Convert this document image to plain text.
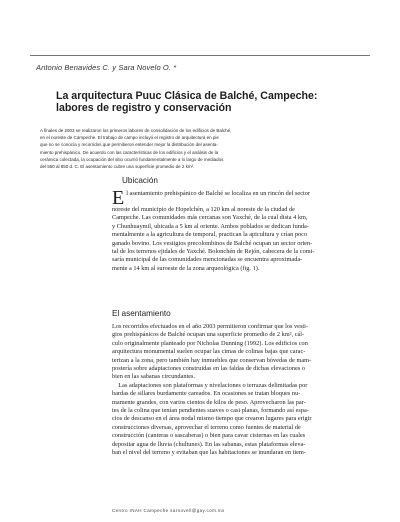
Antonio Benavides C. y Sara Novelo O. *
La arquitectura Puuc Clásica de Balché, Campeche:
labores de registro y conservación
A finales de 2003 se realizaron los primeros labores de consolidación de los edificios de Balché,
en el noreste de Campeche. El trabajo de campo incluyó el registro de arquitectura en pie
que no se conocía y recorridos que permitieron entender mejor la distribución del asenta-
miento prehispánico. De acuerdo con las características de los edificios y el análisis de la
cerámica colectada, la ocupación del sitio ocurrió fundamentalmente a lo largo de mediados
del 550 al 850 d. C. El asentamiento cubre una superficie promedio de 2 km².
Ubicación
El asentamiento prehispánico de Balché se localiza en un rincón del sector
noreste del municipio de Hopelchén, a 120 km al noreste de la ciudad de
Campeche. Las comunidades más cercanas son Yaxché, de la cual dista 4 km,
y Chunhuaymil, ubicada a 5 km al oriente. Ambos poblados se dedican funda-
mentalmente a la agricultura de temporal, practican la apicultura y crían poco
ganado bovino. Los vestigios precolombinos de Balché ocupan un sector orien-
tal de los terrenos ejidales de Yaxché. Bolonchén de Rejón, cabecera de la comi-
saría municipal de las comunidades mencionadas se encuentra aproximada-
mente a 14 km al suroeste de la zona arqueológica (fig. 1).
El asentamiento
Los recorridos efectuados en el año 2003 permitieron confirmar que los vesti-
gios prehispánicos de Balché ocupan una superficie promedio de 2 km², cál-
culo originalmente planteado por Nicholas Dunning (1992). Los edificios con
arquitectura monumental suelen ocupar las cimas de colinas bajas que carac-
terizan a la zona, pero también hay inmuebles que conservan bóvedas de mam-
postería sobre adaptaciones construidas en las faldas de dichas elevaciones o
bien en las sabanas circundantes.
Las adaptaciones son plataformas y nivelaciones o terrazas delimitadas por
bardas de sillares burdamente careados. En ocasiones se tratan bloques nu-
mamente grandes, con varios cientos de kilos de peso. Aprovecharon las par-
tes de la colina que tenían pendientes suaves o casi planas, formando así espa-
cios de descanso en el área nodal mismo tiempo que crearon lugares para erigir
construcciones diversas, aprovechar el terreno como fuentes de material de
construcción (canteras o sascaberas) o bien para cavar cisternas en las cuales
depositar agua de lluvia (chultunes). En las sabanas, estas plataformas eleva-
ban el nivel del terreno y evitaban que las habitaciones se inundaran en tiem-
Centro INAH Campeche sarnovell@gay.com.mx
